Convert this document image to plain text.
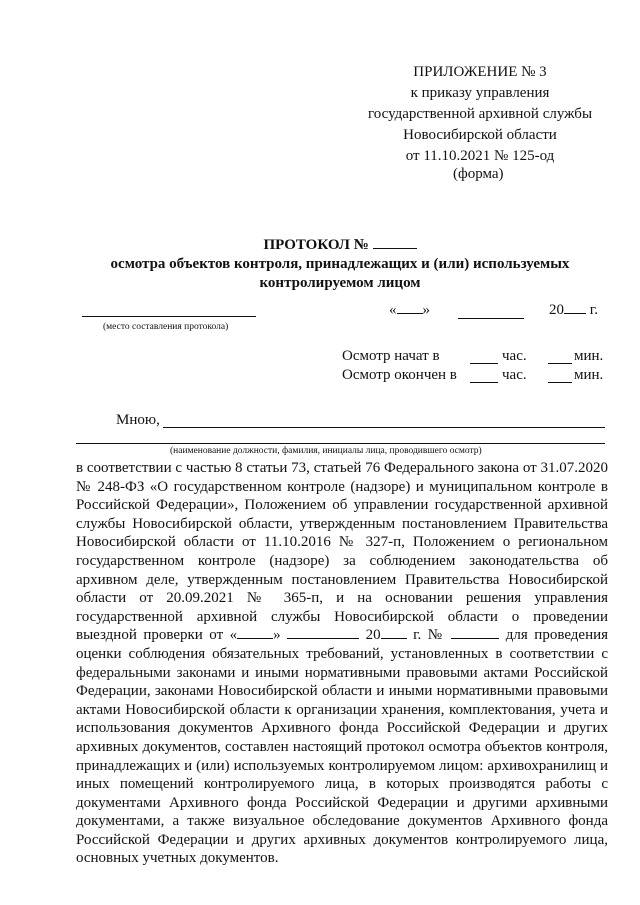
ПРИЛОЖЕНИЕ № 3
к приказу управления
государственной архивной службы
Новосибирской области
от 11.10.2021 № 125-од
(форма)
ПРОТОКОЛ №
осмотра объектов контроля, принадлежащих и (или) используемых
контролируемом лицом
(место составления протокола)
« »	20 г.
Осмотр начат в	час.	мин.
Осмотр окончен в	час.	мин.
Мною,
(наименование должности, фамилия, инициалы лица, проводившего осмотр)
в соответствии с частью 8 статьи 73, статьей 76 Федерального закона от 31.07.2020 № 248-ФЗ «О государственном контроле (надзоре) и муниципальном контроле в Российской Федерации», Положением об управлении государственной архивной службы Новосибирской области, утвержденным постановлением Правительства Новосибирской области от 11.10.2016 № 327-п, Положением о региональном государственном контроле (надзоре) за соблюдением законодательства об архивном деле, утвержденным постановлением Правительства Новосибирской области от 20.09.2021 № 365-п, и на основании решения управления государственной архивной службы Новосибирской области о проведении выездной проверки от « »	20 г. №	для проведения оценки соблюдения обязательных требований, установленных в соответствии с федеральными законами и иными нормативными правовыми актами Российской Федерации, законами Новосибирской области и иными нормативными правовыми актами Новосибирской области к организации хранения, комплектования, учета и использования документов Архивного фонда Российской Федерации и других архивных документов, составлен настоящий протокол осмотра объектов контроля, принадлежащих и (или) используемых контролируемом лицом: архивохранилищ и иных помещений контролируемого лица, в которых производятся работы с документами Архивного фонда Российской Федерации и другими архивными документами, а также визуальное обследование документов Архивного фонда Российской Федерации и других архивных документов контролируемого лица, основных учетных документов.
